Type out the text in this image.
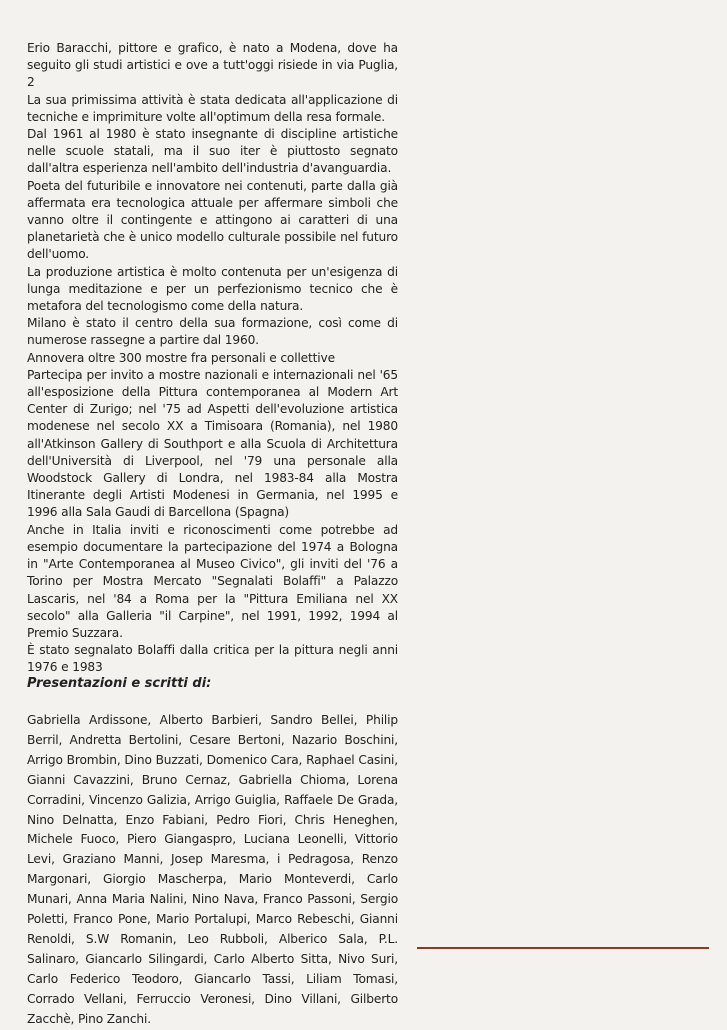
Erio Baracchi, pittore e grafico, è nato a Modena, dove ha seguito gli studi artistici e ove a tutt'oggi risiede in via Puglia, 2

La sua primissima attività è stata dedicata all'applicazione di tecniche e imprimiture volte all'optimum della resa formale.

Dal 1961 al 1980 è stato insegnante di discipline artistiche nelle scuole statali, ma il suo iter è piuttosto segnato dall'altra esperienza nell'ambito dell'industria d'avanguardia.

Poeta del futuribile e innovatore nei contenuti, parte dalla già affermata era tecnologica attuale per affermare simboli che vanno oltre il contingente e attingono ai caratteri di una planetarietà che è unico modello culturale possibile nel futuro dell'uomo.

La produzione artistica è molto contenuta per un'esigenza di lunga meditazione e per un perfezionismo tecnico che è metafora del tecnologismo come della natura.

Milano è stato il centro della sua formazione, così come di numerose rassegne a partire dal 1960.

Annovera oltre 300 mostre fra personali e collettive

Partecipa per invito a mostre nazionali e internazionali nel '65 all'esposizione della Pittura contemporanea al Modern Art Center di Zurigo; nel '75 ad Aspetti dell'evoluzione artistica modenese nel secolo XX a Timisoara (Romania), nel 1980 all'Atkinson Gallery di Southport e alla Scuola di Architettura dell'Università di Liverpool, nel '79 una personale alla Woodstock Gallery di Londra, nel 1983-84 alla Mostra Itinerante degli Artisti Modenesi in Germania, nel 1995 e 1996 alla Sala Gaudi di Barcellona (Spagna)

Anche in Italia inviti e riconoscimenti come potrebbe ad esempio documentare la partecipazione del 1974 a Bologna in "Arte Contemporanea al Museo Civico", gli inviti del '76 a Torino per Mostra Mercato "Segnalati Bolaffi" a Palazzo Lascaris, nel '84 a Roma per la "Pittura Emiliana nel XX secolo" alla Galleria "il Carpine", nel 1991, 1992, 1994 al Premio Suzzara.

È stato segnalato Bolaffi dalla critica per la pittura negli anni 1976 e 1983

Presentazioni e scritti di:

Gabriella Ardissone, Alberto Barbieri, Sandro Bellei, Philip Berril, Andretta Bertolini, Cesare Bertoni, Nazario Boschini, Arrigo Brombin, Dino Buzzati, Domenico Cara, Raphael Casini, Gianni Cavazzini, Bruno Cernaz, Gabriella Chioma, Lorena Corradini, Vincenzo Galizia, Arrigo Guiglia, Raffaele De Grada, Nino Delnatta, Enzo Fabiani, Pedro Fiori, Chris Heneghen, Michele Fuoco, Piero Giangaspro, Luciana Leonelli, Vittorio Levi, Graziano Manni, Josep Maresma, i Pedragosa, Renzo Margonari, Giorgio Mascherpa, Mario Monteverdi, Carlo Munari, Anna Maria Nalini, Nino Nava, Franco Passoni, Sergio Poletti, Franco Pone, Mario Portalupi, Marco Rebeschi, Gianni Renoldi, S.W Romanin, Leo Rubboli, Alberico Sala, P.L. Salinaro, Giancarlo Silingardi, Carlo Alberto Sitta, Nivo Suri, Carlo Federico Teodoro, Giancarlo Tassi, Liliam Tomasi, Corrado Vellani, Ferruccio Veronesi, Dino Villani, Gilberto Zacchè, Pino Zanchi.
